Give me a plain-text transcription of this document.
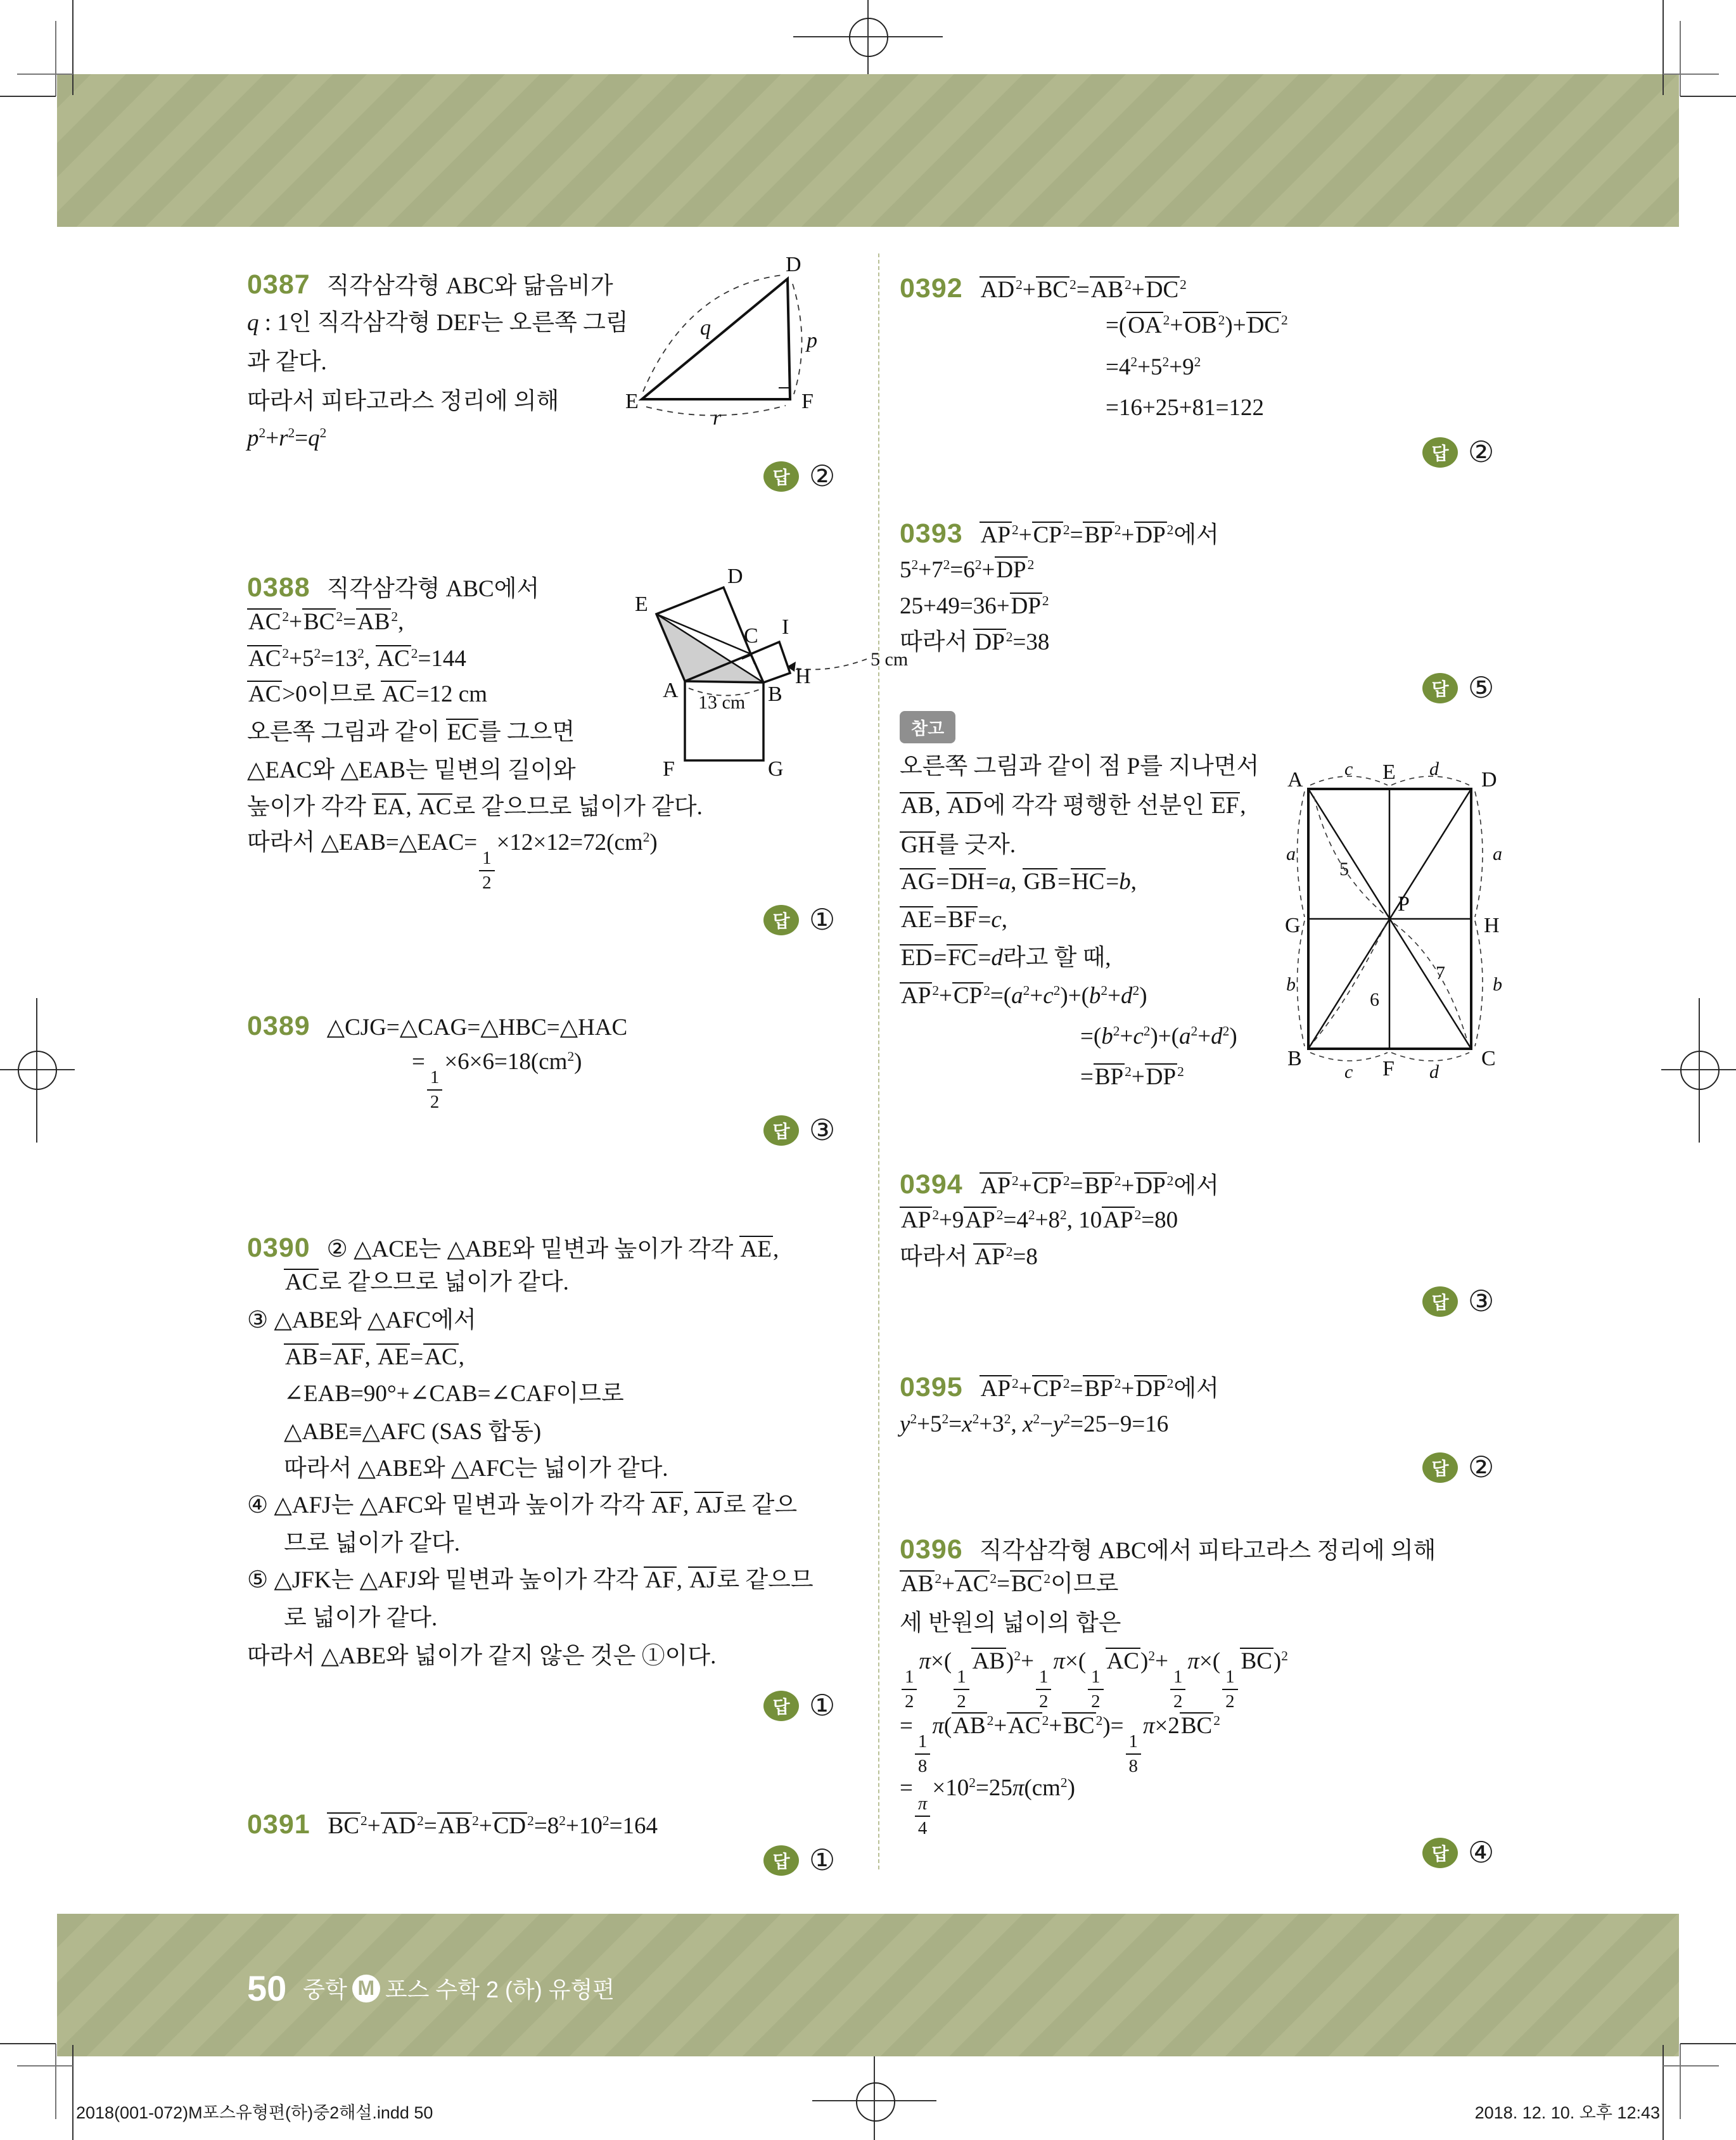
0387 직각삼각형 ABC와 닮음비가
q : 1인 직각삼각형 DEF는 오른쪽 그림
과 같다.
따라서 피타고라스 정리에 의해
$p^2+r^2=q^2$
답 ②
D
E	F
q
p
r
0388 직각삼각형 ABC에서
$AC^2+BC^2=AB^2$,
$AC^2+5^2=13^2$, $AC^2=144$
AC>0이므로 AC=12 cm
오른쪽 그림과 같이 EC를 그으면
△EAC와 △EAB는 밑변의 길이와
높이가 각각 EA, AC로 같으므로 넓이가 같다.
따라서 △EAB=△EAC=
$\frac{1}{2}$
$\times 12\times 12=72(cm^2)$
답 ①
D
E
C I
H
A	B
F	G
13 cm
5 cm
0389 △CJG=△CAG=△HBC=△HAC
=
$\frac{1}{2}$
$\times 6\times 6=18(cm^2)$
답 ③
0390 ② △ACE는 △ABE와 밑변과 높이가 각각 AE,
AC로 같으므로 넓이가 같다.
③ △ABE와 △AFC에서
AB=AF, AE=AC,
∠EAB=90°+∠CAB=∠CAF이므로
△ABE≡△AFC (SAS 합동)
따라서 △ABE와 △AFC는 넓이가 같다.
④ △AFJ는 △AFC와 밑변과 높이가 각각 AF, AJ로 같으
므로 넓이가 같다.
⑤ △JFK는 △AFJ와 밑변과 높이가 각각 AF, AJ로 같으므
로 넓이가 같다.
따라서 △ABE와 넓이가 같지 않은 것은 ①이다.
답 ①
0391 $BC^2+AD^2=AB^2+CD^2=8^2+10^2=164$
답 ①
0392 $AD^2+BC^2=AB^2+DC^2$
$=(OA^2+OB^2)+DC^2$
$=4^2+5^2+9^2$
=16+25+81=122
답 ②
0393 $AP^2+CP^2=BP^2+DP^2$에서
$5^2+7^2=6^2+DP^2$
$25+49=36+DP^2$
따라서 $DP^2=38$
답 ⑤
참고
오른쪽 그림과 같이 점 P를 지나면서
AB, AD에 각각 평행한 선분인 EF,
GH를 긋자.
AG=DH=a, GB=HC=b,
AE=BF=c,
ED=FC=d라고 할 때,
$AP^2+CP^2=(a^2+c^2)+(b^2+d^2)$
$=(b^2+c^2)+(a^2+d^2)$
$=BP^2+DP^2$
A	D
B	C
E
F
G	H
P
c	d
a
b
a
b
c	d
5
6
7
0394 $AP^2+CP^2=BP^2+DP^2$에서
$AP^2+9AP^2=4^2+8^2$, $10AP^2=80$
따라서 $AP^2=8$
답 ③
0395 $AP^2+CP^2=BP^2+DP^2$에서
$y^2+5^2=x^2+3^2$, $x^2-y^2=25-9=16$
답 ②
0396 직각삼각형 ABC에서 피타고라스 정리에 의해
$AB^2+AC^2=BC^2$이므로
세 반원의 넓이의 합은
$\frac{1}{2}$
π×(
$\frac{1}{2}$
AB)$^2$+
$\frac{1}{2}$
π×(
$\frac{1}{2}$
AC)$^2$+
$\frac{1}{2}$
π×(
$\frac{1}{2}$
BC)$^2$
=
$\frac{1}{8}$
$\pi(AB^2+AC^2+BC^2)=$
$\frac{1}{8}$
$\pi\times 2BC^2$
=
$\frac{\pi}{4}$
$\times 10^2=25\pi(cm^2)$
답 ④
50 중학 M 포스 수학 2 (하) 유형편
2018(001-072)M포스유형편(하)중2해설.indd 50	2018. 12. 10. 오후 12:43
